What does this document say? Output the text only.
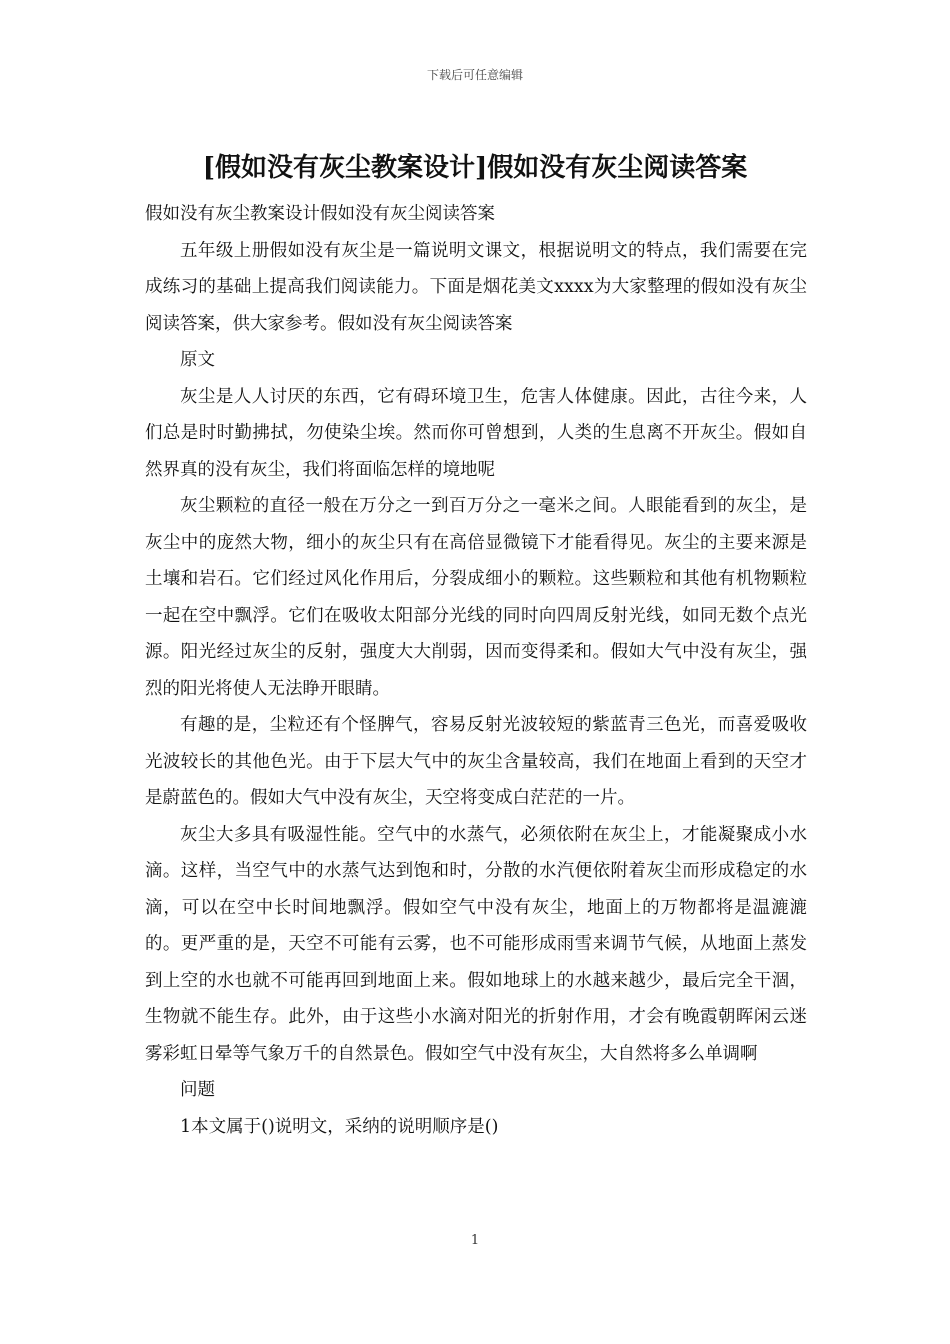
下载后可任意编辑
[假如没有灰尘教案设计]假如没有灰尘阅读答案

假如没有灰尘教案设计假如没有灰尘阅读答案

五年级上册假如没有灰尘是一篇说明文课文，根据说明文的特点，我们需要在完成练习的基础上提高我们阅读能力。下面是烟花美文xxxx为大家整理的假如没有灰尘阅读答案，供大家参考。假如没有灰尘阅读答案

原文

灰尘是人人讨厌的东西，它有碍环境卫生，危害人体健康。因此，古往今来，人们总是时时勤拂拭，勿使染尘埃。然而你可曾想到，人类的生息离不开灰尘。假如自然界真的没有灰尘，我们将面临怎样的境地呢

灰尘颗粒的直径一般在万分之一到百万分之一毫米之间。人眼能看到的灰尘，是灰尘中的庞然大物，细小的灰尘只有在高倍显微镜下才能看得见。灰尘的主要来源是土壤和岩石。它们经过风化作用后，分裂成细小的颗粒。这些颗粒和其他有机物颗粒一起在空中飘浮。它们在吸收太阳部分光线的同时向四周反射光线，如同无数个点光源。阳光经过灰尘的反射，强度大大削弱，因而变得柔和。假如大气中没有灰尘，强烈的阳光将使人无法睁开眼睛。

有趣的是，尘粒还有个怪脾气，容易反射光波较短的紫蓝青三色光，而喜爱吸收光波较长的其他色光。由于下层大气中的灰尘含量较高，我们在地面上看到的天空才是蔚蓝色的。假如大气中没有灰尘，天空将变成白茫茫的一片。

灰尘大多具有吸湿性能。空气中的水蒸气，必须依附在灰尘上，才能凝聚成小水滴。这样，当空气中的水蒸气达到饱和时，分散的水汽便依附着灰尘而形成稳定的水滴，可以在空中长时间地飘浮。假如空气中没有灰尘，地面上的万物都将是温漉漉的。更严重的是，天空不可能有云雾，也不可能形成雨雪来调节气候，从地面上蒸发到上空的水也就不可能再回到地面上来。假如地球上的水越来越少，最后完全干涸，生物就不能生存。此外，由于这些小水滴对阳光的折射作用，才会有晚霞朝晖闲云迷雾彩虹日晕等气象万千的自然景色。假如空气中没有灰尘，大自然将多么单调啊

问题

1本文属于()说明文，采纳的说明顺序是()

1
